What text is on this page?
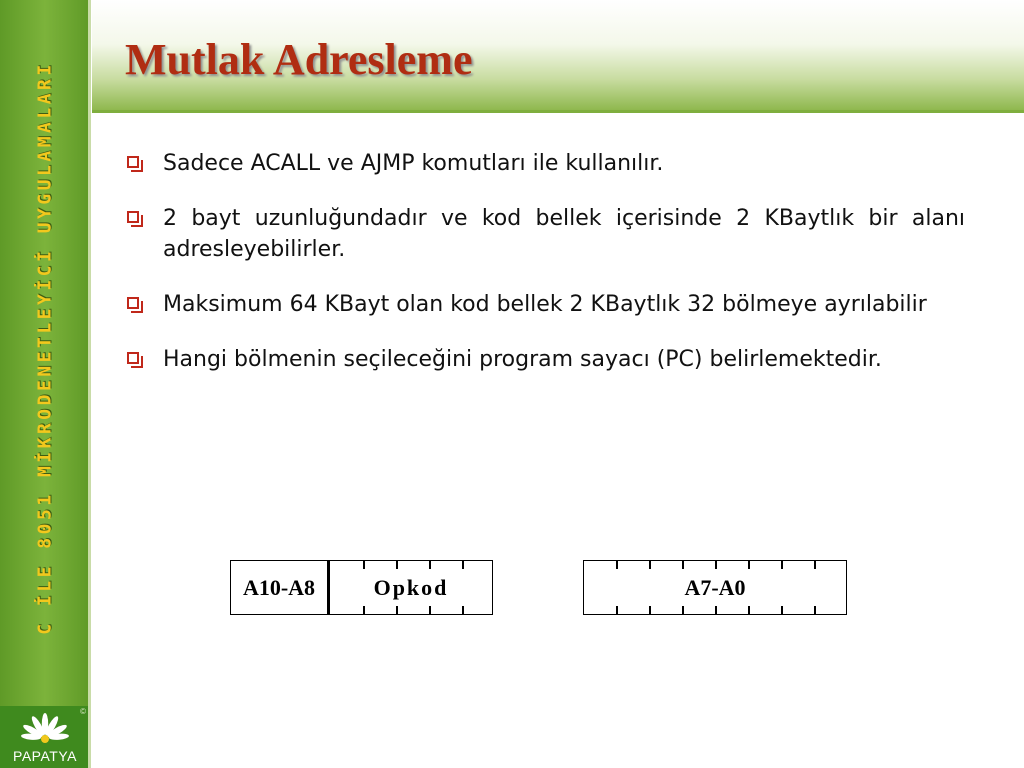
C İLE 8051 MİKRODENETLEYİCİ UYGULAMALARI
©
PAPATYA
Mutlak Adresleme
Sadece ACALL ve AJMP komutları ile kullanılır.
2 bayt uzunluğundadır ve kod bellek içerisinde 2 KBaytlık bir alanı adresleyebilirler.
Maksimum 64 KBayt olan kod bellek 2 KBaytlık 32 bölmeye ayrılabilir
Hangi bölmenin seçileceğini program sayacı (PC) belirlemektedir.
A10-A8	Opkod	A7-A0
